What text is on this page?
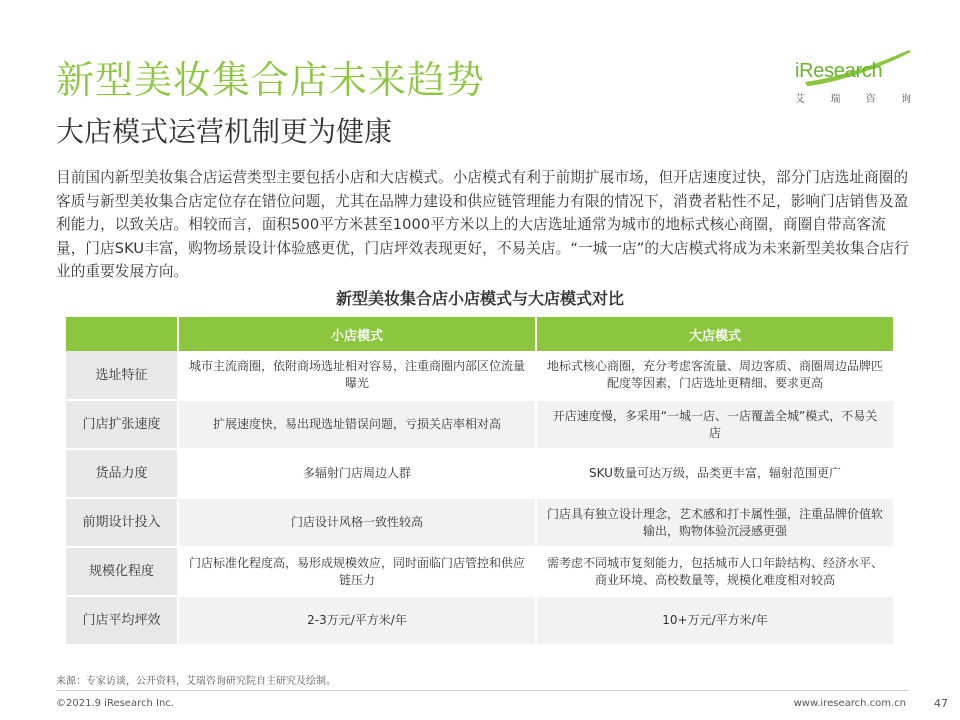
新型美妆集合店未来趋势
大店模式运营机制更为健康
iResearch
艾	瑞	咨	询

目前国内新型美妆集合店运营类型主要包括小店和大店模式。小店模式有利于前期扩展市场，但开店速度过快，部分门店选址商圈的客质与新型美妆集合店定位存在错位问题，尤其在品牌力建设和供应链管理能力有限的情况下，消费者粘性不足，影响门店销售及盈利能力，以致关店。相较而言，面积500平方米甚至1000平方米以上的大店选址通常为城市的地标式核心商圈，商圈自带高客流量，门店SKU丰富，购物场景设计体验感更优，门店坪效表现更好，不易关店。“一城一店”的大店模式将成为未来新型美妆集合店行业的重要发展方向。

新型美妆集合店小店模式与大店模式对比
	小店模式	大店模式
选址特征	城市主流商圈，依附商场选址相对容易，注重商圈内部区位流量曝光	地标式核心商圈，充分考虑客流量、周边客质、商圈周边品牌匹配度等因素，门店选址更精细、要求更高
门店扩张速度	扩展速度快，易出现选址错误问题，亏损关店率相对高	开店速度慢，多采用“一城一店、一店覆盖全城”模式，不易关店
货品力度	多辐射门店周边人群	SKU数量可达万级，品类更丰富，辐射范围更广
前期设计投入	门店设计风格一致性较高	门店具有独立设计理念，艺术感和打卡属性强，注重品牌价值软输出，购物体验沉浸感更强
规模化程度	门店标准化程度高，易形成规模效应，同时面临门店管控和供应链压力	需考虑不同城市复刻能力，包括城市人口年龄结构、经济水平、商业环境、高校数量等，规模化难度相对较高
门店平均坪效	2-3万元/平方米/年	10+万元/平方米/年
来源：专家访谈，公开资料，艾瑞咨询研究院自主研究及绘制。
©2021.9 iResearch Inc.	www.iresearch.com.cn	47
